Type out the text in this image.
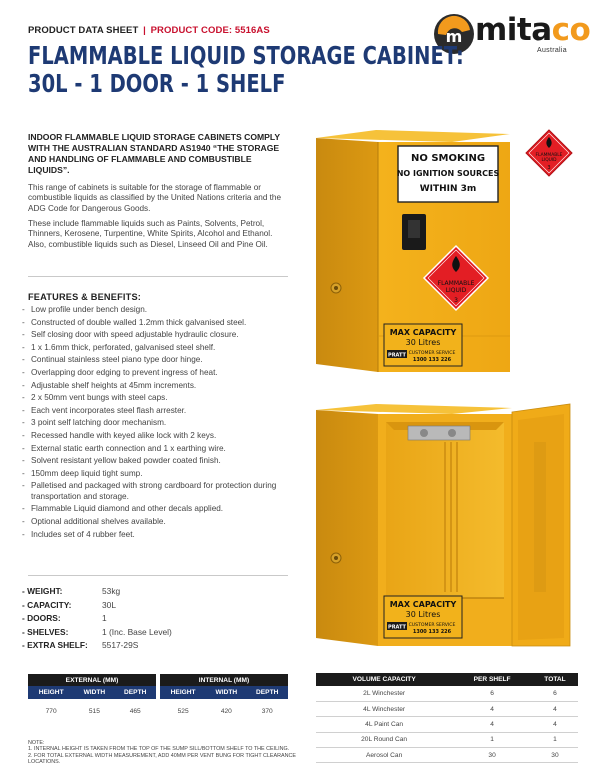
PRODUCT DATA SHEET | PRODUCT CODE: 5516AS	m mitaco
Australia
FLAMMABLE LIQUID STORAGE CABINET:
30L - 1 DOOR - 1 SHELF
INDOOR FLAMMABLE LIQUID STORAGE CABINETS COMPLY WITH THE AUSTRALIAN STANDARD AS1940 “THE STORAGE AND HANDLING OF FLAMMABLE AND COMBUSTIBLE LIQUIDS”.
This range of cabinets is suitable for the storage of flammable or combustible liquids as classified by the United Nations criteria and the ADG Code for Dangerous Goods.
These include flammable liquids such as Paints, Solvents, Petrol, Thinners, Kerosene, Turpentine, White Spirits, Alcohol and Ethanol. Also, combustible liquids such as Diesel, Linseed Oil and Pine Oil.
FEATURES & BENEFITS:
- Low profile under bench design.
- Constructed of double walled 1.2mm thick galvanised steel.
- Self closing door with speed adjustable hydraulic closure.
- 1 x 1.6mm thick, perforated, galvanised steel shelf.
- Continual stainless steel piano type door hinge.
- Overlapping door edging to prevent ingress of heat.
- Adjustable shelf heights at 45mm increments.
- 2 x 50mm vent bungs with steel caps.
- Each vent incorporates steel flash arrester.
- 3 point self latching door mechanism.
- Recessed handle with keyed alike lock with 2 keys.
- External static earth connection and 1 x earthing wire.
- Solvent resistant yellow baked powder coated finish.
- 150mm deep liquid tight sump.
- Palletised and packaged with strong cardboard for protection during transportation and storage.
- Flammable Liquid diamond and other decals applied.
- Optional additional shelves available.
- Includes set of 4 rubber feet.
- WEIGHT:	53kg
- CAPACITY:	30L
- DOORS:	1
- SHELVES:	1 (Inc. Base Level)
- EXTRA SHELF: 5517-29S
EXTERNAL (MM)				INTERNAL (MM)		
HEIGHT	WIDTH	DEPTH		HEIGHT	WIDTH	DEPTH
770	515	465		525	420	370
VOLUME CAPACITY	PER SHELF	TOTAL
2L Winchester	6	6
4L Winchester	4	4
4L Paint Can	4	4
20L Round Can	1	1
Aerosol Can	30	30
NOTE:
1. INTERNAL HEIGHT IS TAKEN FROM THE TOP OF THE SUMP SILL/BOTTOM SHELF TO THE CEILING.
2. FOR TOTAL EXTERNAL WIDTH MEASUREMENT, ADD 40MM PER VENT BUNG FOR TIGHT CLEARANCE LOCATIONS.
NO SMOKING
NO IGNITION SOURCES
WITHIN 3m
FLAMMABLE
LIQUID
3
MAX CAPACITY
30 Litres
PRATT CUSTOMER SERVICE
1300 133 226
FLAMMABLE
LIQUID
3
MAX CAPACITY
30 Litres
PRATT CUSTOMER SERVICE
1300 133 226
